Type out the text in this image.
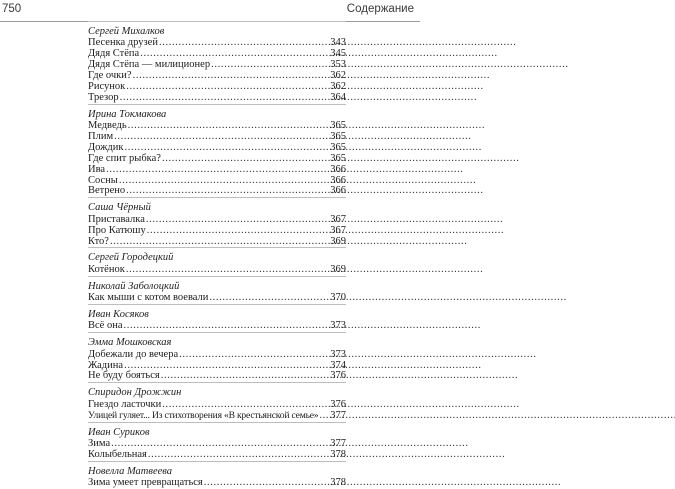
750	Содержание
Сергей Михалков
Песенка друзей . . .	343
Дядя Стёпа . . .	345
Дядя Стёпа — милиционер . . .	353
Где очки? . . .	362
Рисунок . . .	362
Трезор . . .	364
Ирина Токмакова
Медведь . . .	365
Плим . . .	365
Дождик . . .	365
Где спит рыбка? . . .	365
Ива . . .	366
Сосны . . .	366
Ветрено . . .	366
Саша Чёрный
Приставалка . . .	367
Про Катюшу . . .	367
Кто? . . .	369
Сергей Городецкий
Котёнок . . .	369
Николай Заболоцкий
Как мыши с котом воевали . . .	370
Иван Косяков
Всё она . . .	373
Эмма Мошковская
Добежали до вечера . . .	373
Жадина . . .	374
Не буду бояться . . .	376
Спиридон Дрожжин
Гнездо ласточки . . .	376
Улицей гуляет... Из стихотворения «В крестьянской семье» . . . 377
Иван Суриков
Зима . . .	377
Колыбельная . . .	378
Новелла Матвеева
Зима умеет превращаться . . .	378
